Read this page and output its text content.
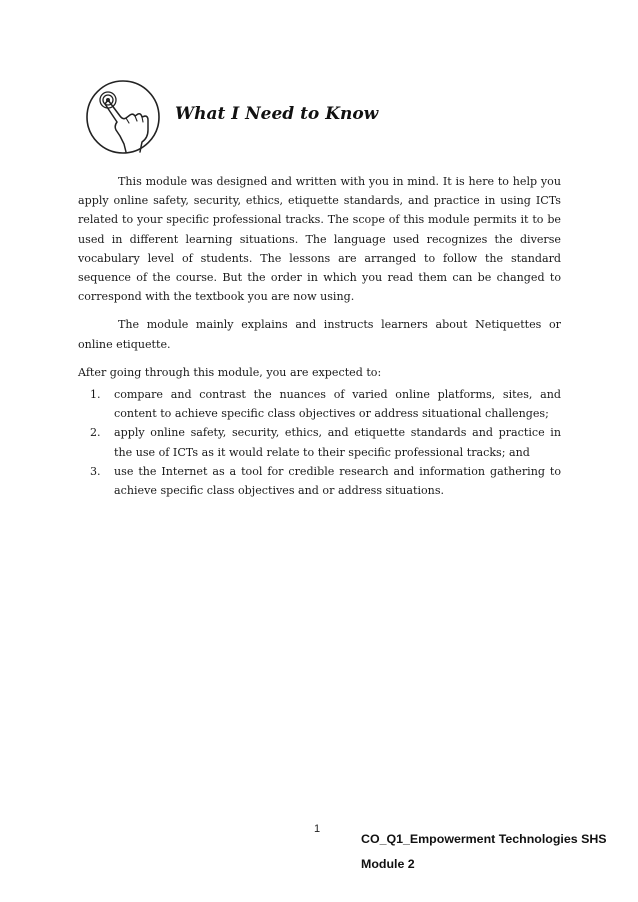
What I Need to Know

This module was designed and written with you in mind. It is here to help you apply online safety, security, ethics, etiquette standards, and practice in using ICTs related to your specific professional tracks. The scope of this module permits it to be used in different learning situations. The language used recognizes the diverse vocabulary level of students. The lessons are arranged to follow the standard sequence of the course. But the order in which you read them can be changed to correspond with the textbook you are now using.

The module mainly explains and instructs learners about Netiquettes or online etiquette.

After going through this module, you are expected to:

1. compare and contrast the nuances of varied online platforms, sites, and content to achieve specific class objectives or address situational challenges;
2. apply online safety, security, ethics, and etiquette standards and practice in the use of ICTs as it would relate to their specific professional tracks; and
3. use the Internet as a tool for credible research and information gathering to achieve specific class objectives and or address situations.
1
CO_Q1_Empowerment Technologies SHS
Module 2
